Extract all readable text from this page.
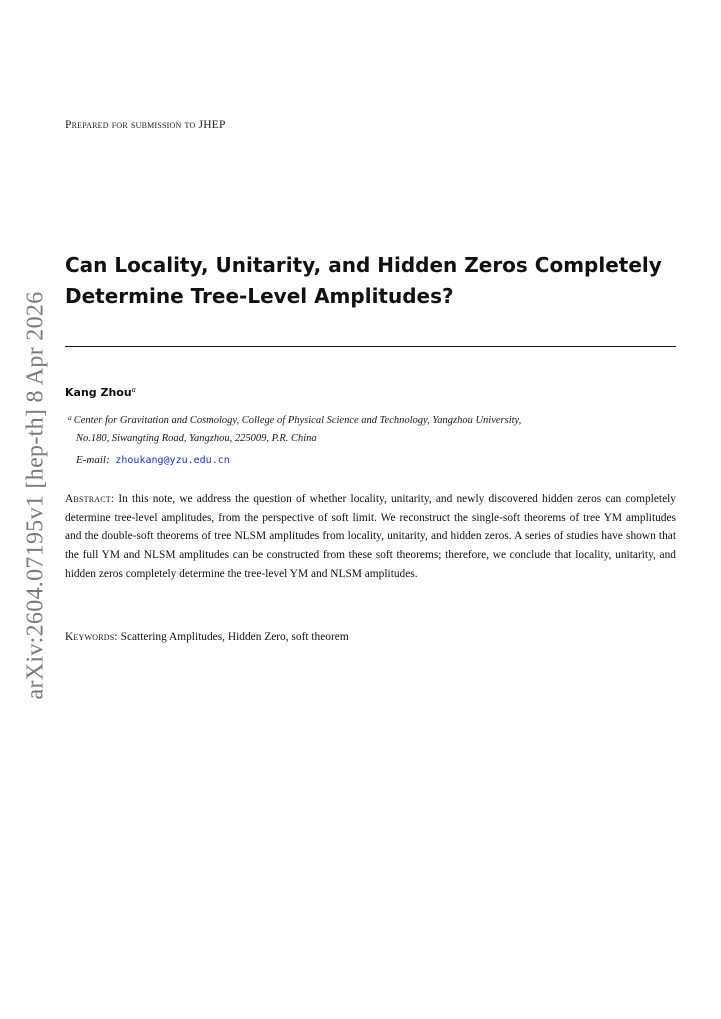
arXiv:2604.07195v1 [hep-th] 8 Apr 2026
Prepared for submission to JHEP
Can Locality, Unitarity, and Hidden Zeros Completely
Determine Tree-Level Amplitudes?
Kang Zhou$^a$
$^a$ Center for Gravitation and Cosmology, College of Physical Science and Technology, Yangzhou University,
No.180, Siwangting Road, Yangzhou, 225009, P.R. China
E-mail: zhoukang@yzu.edu.cn

Abstract: In this note, we address the question of whether locality, unitarity, and newly discovered hidden zeros can completely determine tree-level amplitudes, from the perspective of soft limit. We reconstruct the single-soft theorems of tree YM amplitudes and the double-soft theorems of tree NLSM amplitudes from locality, unitarity, and hidden zeros. A series of studies have shown that the full YM and NLSM amplitudes can be constructed from these soft theorems; therefore, we conclude that locality, unitarity, and hidden zeros completely determine the tree-level YM and NLSM amplitudes.

Keywords: Scattering Amplitudes, Hidden Zero, soft theorem
